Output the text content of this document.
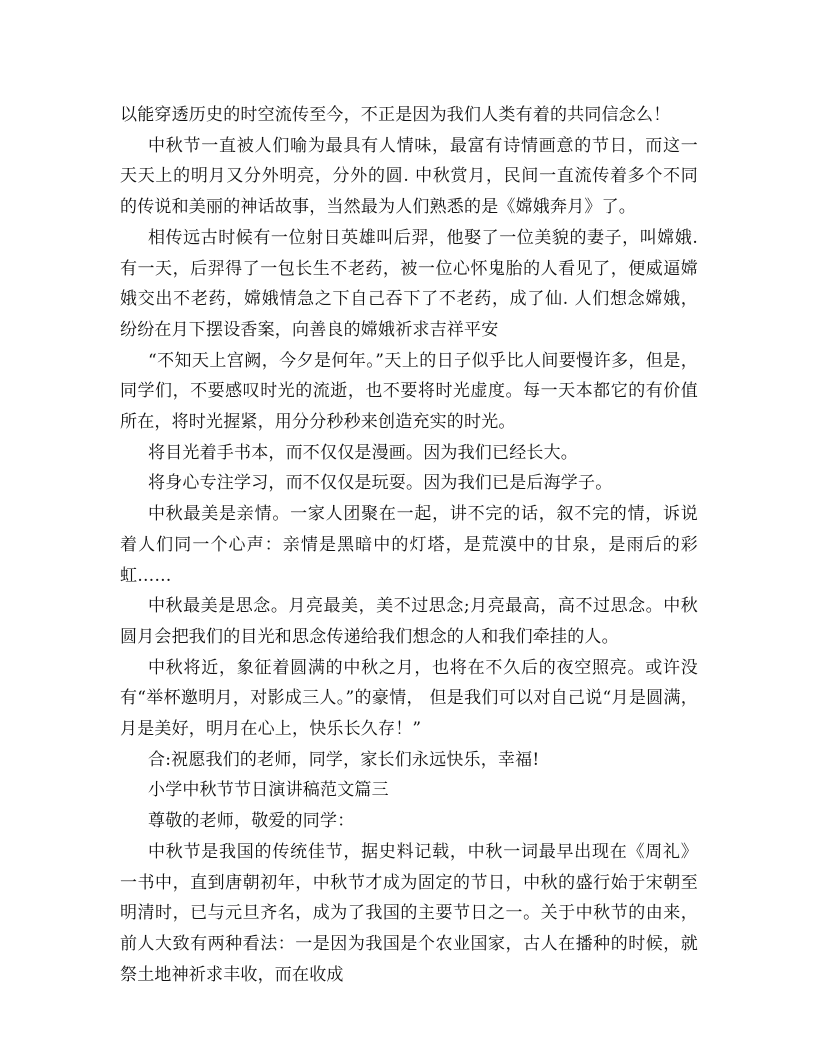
以能穿透历史的时空流传至今，不正是因为我们人类有着的共同信念么！

中秋节一直被人们喻为最具有人情味，最富有诗情画意的节日，而这一天天上的明月又分外明亮，分外的圆. 中秋赏月，民间一直流传着多个不同的传说和美丽的神话故事，当然最为人们熟悉的是《嫦娥奔月》了。

相传远古时候有一位射日英雄叫后羿，他娶了一位美貌的妻子，叫嫦娥. 有一天，后羿得了一包长生不老药，被一位心怀鬼胎的人看见了，便威逼嫦娥交出不老药，嫦娥情急之下自己吞下了不老药，成了仙. 人们想念嫦娥，纷纷在月下摆设香案，向善良的嫦娥祈求吉祥平安

“不知天上宫阙，今夕是何年。”天上的日子似乎比人间要慢许多，但是，同学们，不要感叹时光的流逝，也不要将时光虚度。每一天本都它的有价值所在，将时光握紧，用分分秒秒来创造充实的时光。

将目光着手书本，而不仅仅是漫画。因为我们已经长大。

将身心专注学习，而不仅仅是玩耍。因为我们已是后海学子。

中秋最美是亲情。一家人团聚在一起，讲不完的话，叙不完的情，诉说着人们同一个心声：亲情是黑暗中的灯塔，是荒漠中的甘泉，是雨后的彩虹……

中秋最美是思念。月亮最美，美不过思念;月亮最高，高不过思念。中秋圆月会把我们的目光和思念传递给我们想念的人和我们牵挂的人。

中秋将近，象征着圆满的中秋之月，也将在不久后的夜空照亮。或许没有“举杯邀明月，对影成三人。”的豪情， 但是我们可以对自己说“月是圆满，月是美好，明月在心上，快乐长久存！”

合:祝愿我们的老师，同学，家长们永远快乐，幸福!

小学中秋节节日演讲稿范文篇三

尊敬的老师，敬爱的同学：

中秋节是我国的传统佳节，据史料记载，中秋一词最早出现在《周礼》一书中，直到唐朝初年，中秋节才成为固定的节日，中秋的盛行始于宋朝至明清时，已与元旦齐名，成为了我国的主要节日之一。关于中秋节的由来，前人大致有两种看法：一是因为我国是个农业国家，古人在播种的时候，就祭土地神祈求丰收，而在收成
